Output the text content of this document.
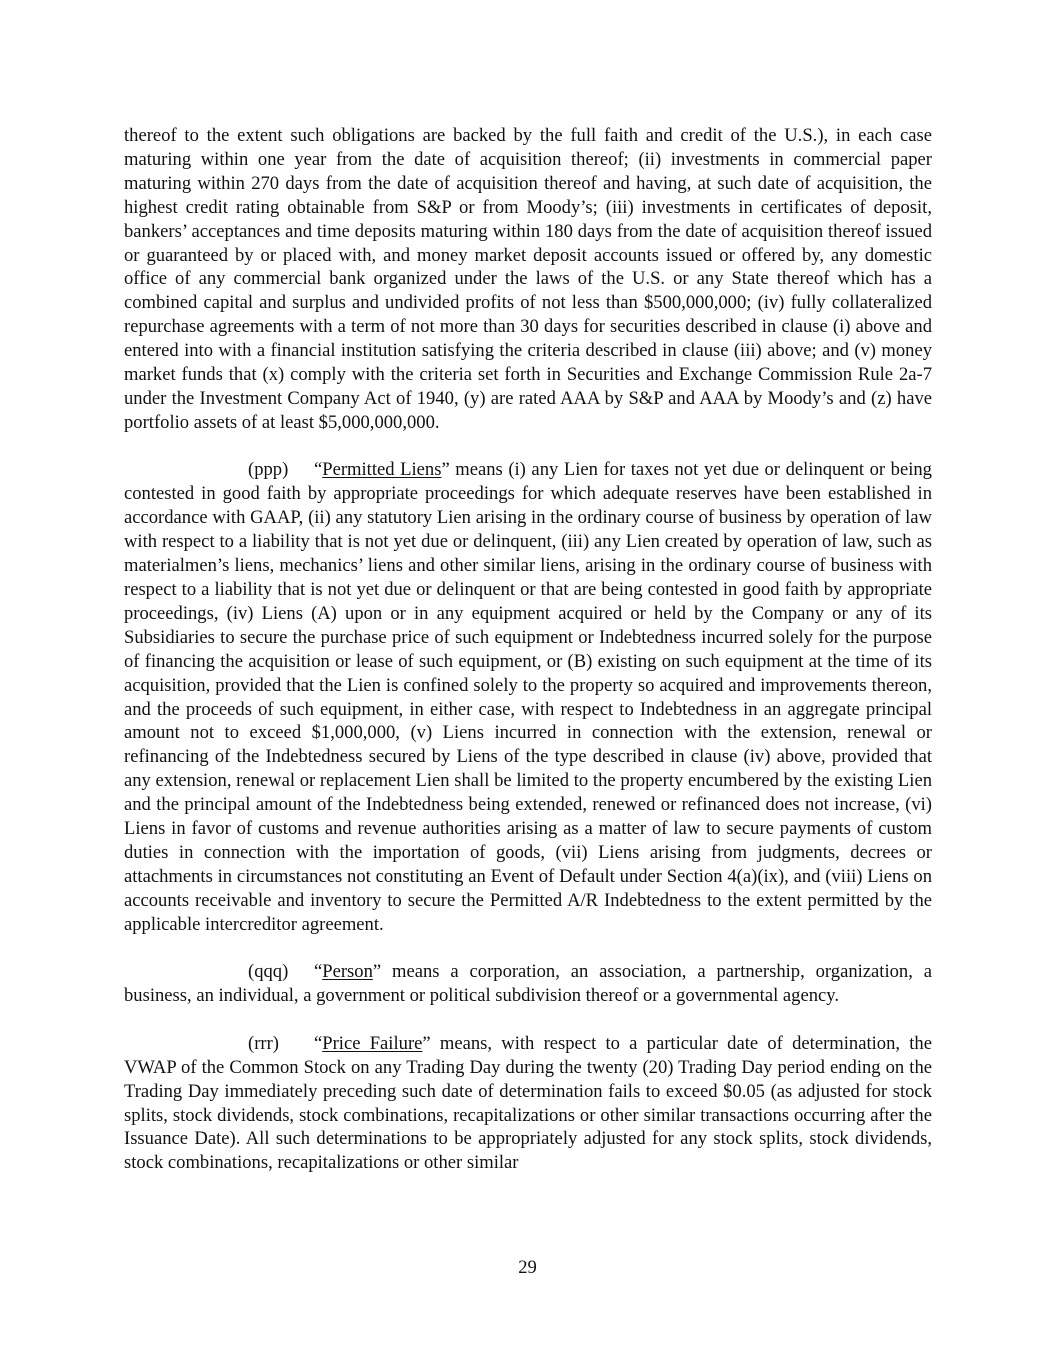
thereof to the extent such obligations are backed by the full faith and credit of the U.S.), in each case maturing within one year from the date of acquisition thereof; (ii) investments in commercial paper maturing within 270 days from the date of acquisition thereof and having, at such date of acquisition, the highest credit rating obtainable from S&P or from Moody’s; (iii) investments in certificates of deposit, bankers’ acceptances and time deposits maturing within 180 days from the date of acquisition thereof issued or guaranteed by or placed with, and money market deposit accounts issued or offered by, any domestic office of any commercial bank organized under the laws of the U.S. or any State thereof which has a combined capital and surplus and undivided profits of not less than $500,000,000; (iv) fully collateralized repurchase agreements with a term of not more than 30 days for securities described in clause (i) above and entered into with a financial institution satisfying the criteria described in clause (iii) above; and (v) money market funds that (x) comply with the criteria set forth in Securities and Exchange Commission Rule 2a-7 under the Investment Company Act of 1940, (y) are rated AAA by S&P and AAA by Moody’s and (z) have portfolio assets of at least $5,000,000,000.

(ppp) “Permitted Liens” means (i) any Lien for taxes not yet due or delinquent or being contested in good faith by appropriate proceedings for which adequate reserves have been established in accordance with GAAP, (ii) any statutory Lien arising in the ordinary course of business by operation of law with respect to a liability that is not yet due or delinquent, (iii) any Lien created by operation of law, such as materialmen’s liens, mechanics’ liens and other similar liens, arising in the ordinary course of business with respect to a liability that is not yet due or delinquent or that are being contested in good faith by appropriate proceedings, (iv) Liens (A) upon or in any equipment acquired or held by the Company or any of its Subsidiaries to secure the purchase price of such equipment or Indebtedness incurred solely for the purpose of financing the acquisition or lease of such equipment, or (B) existing on such equipment at the time of its acquisition, provided that the Lien is confined solely to the property so acquired and improvements thereon, and the proceeds of such equipment, in either case, with respect to Indebtedness in an aggregate principal amount not to exceed $1,000,000, (v) Liens incurred in connection with the extension, renewal or refinancing of the Indebtedness secured by Liens of the type described in clause (iv) above, provided that any extension, renewal or replacement Lien shall be limited to the property encumbered by the existing Lien and the principal amount of the Indebtedness being extended, renewed or refinanced does not increase, (vi) Liens in favor of customs and revenue authorities arising as a matter of law to secure payments of custom duties in connection with the importation of goods, (vii) Liens arising from judgments, decrees or attachments in circumstances not constituting an Event of Default under Section 4(a)(ix), and (viii) Liens on accounts receivable and inventory to secure the Permitted A/R Indebtedness to the extent permitted by the applicable intercreditor agreement.

(qqq) “Person” means a corporation, an association, a partnership, organization, a business, an individual, a government or political subdivision thereof or a governmental agency.

(rrr) “Price Failure” means, with respect to a particular date of determination, the VWAP of the Common Stock on any Trading Day during the twenty (20) Trading Day period ending on the Trading Day immediately preceding such date of determination fails to exceed $0.05 (as adjusted for stock splits, stock dividends, stock combinations, recapitalizations or other similar transactions occurring after the Issuance Date). All such determinations to be appropriately adjusted for any stock splits, stock dividends, stock combinations, recapitalizations or other similar

29
